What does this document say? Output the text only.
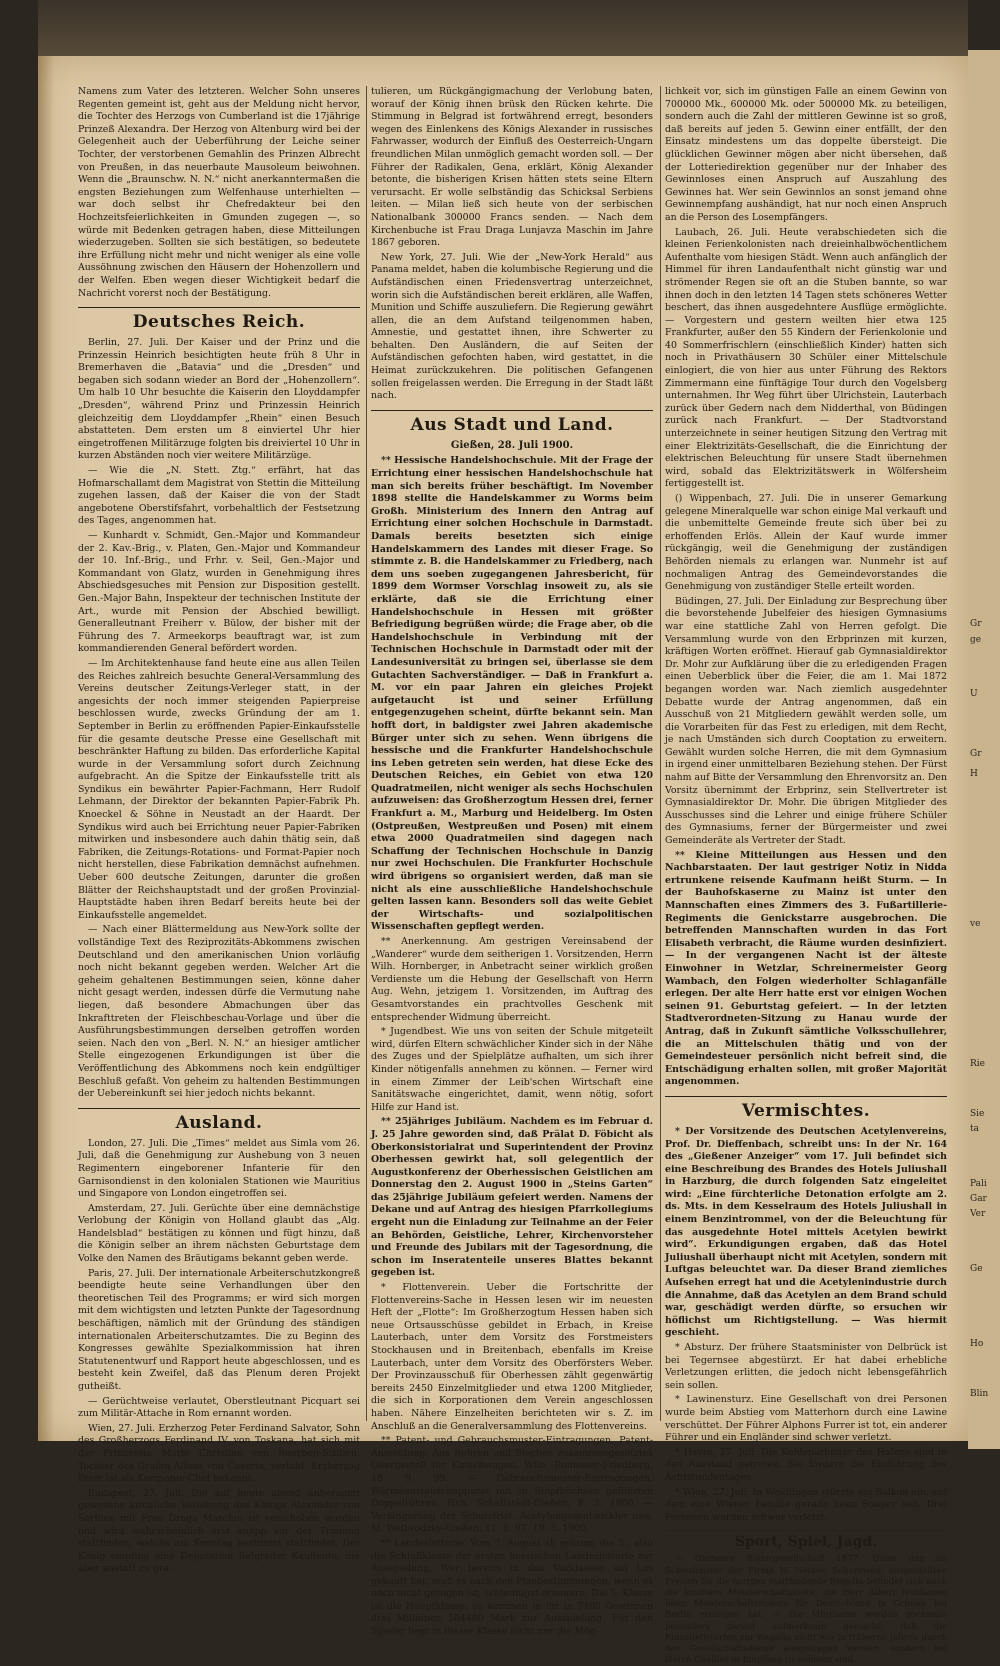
Namens zum Vater des letzteren. Welcher Sohn unseres Regenten gemeint ist, geht aus der Meldung nicht hervor, die Tochter des Herzogs von Cumberland ist die 17jährige Prinzeß Alexandra. Der Herzog von Altenburg wird bei der Gelegenheit auch der Ueberführung der Leiche seiner Tochter, der verstorbenen Gemahlin des Prinzen Albrecht von Preußen, in das neuerbaute Mausoleum beiwohnen. Wenn die „Braunschw. N. N.“ nicht anerkanntermaßen die engsten Beziehungen zum Welfenhause unterhielten — war doch selbst ihr Chefredakteur bei den Hochzeitsfeierlichkeiten in Gmunden zugegen —, so würde mit Bedenken getragen haben, diese Mitteilungen wiederzugeben. Sollten sie sich bestätigen, so bedeutete ihre Erfüllung nicht mehr und nicht weniger als eine volle Aussöhnung zwischen den Häusern der Hohenzollern und der Welfen. Eben wegen dieser Wichtigkeit bedarf die Nachricht vorerst noch der Bestätigung.

Deutsches Reich.

Berlin, 27. Juli. Der Kaiser und der Prinz und die Prinzessin Heinrich besichtigten heute früh 8 Uhr in Bremerhaven die „Batavia“ und die „Dresden“ und begaben sich sodann wieder an Bord der „Hohenzollern“. Um halb 10 Uhr besuchte die Kaiserin den Lloyddampfer „Dresden“, während Prinz und Prinzessin Heinrich gleichzeitig dem Lloyddampfer „Rhein“ einen Besuch abstatteten. Dem ersten um 8 einviertel Uhr hier eingetroffenen Militärzuge folgten bis dreiviertel 10 Uhr in kurzen Abständen noch vier weitere Militärzüge.

— Wie die „N. Stett. Ztg.“ erfährt, hat das Hofmarschallamt dem Magistrat von Stettin die Mitteilung zugehen lassen, daß der Kaiser die von der Stadt angebotene Oberstifsfahrt, vorbehaltlich der Festsetzung des Tages, angenommen hat.

— Kunhardt v. Schmidt, Gen.-Major und Kommandeur der 2. Kav.-Brig., v. Platen, Gen.-Major und Kommandeur der 10. Inf.-Brig., und Frhr. v. Seil, Gen.-Major und Kommandant von Glatz, wurden in Genehmigung ihres Abschiedsgesuches mit Pension zur Disposition gestellt. Gen.-Major Bahn, Inspekteur der technischen Institute der Art., wurde mit Pension der Abschied bewilligt. Generalleutnant Freiherr v. Bülow, der bisher mit der Führung des 7. Armeekorps beauftragt war, ist zum kommandierenden General befördert worden.

— Im Architektenhause fand heute eine aus allen Teilen des Reiches zahlreich besuchte General-Versammlung des Vereins deutscher Zeitungs-Verleger statt, in der angesichts der noch immer steigenden Papierpreise beschlossen wurde, zwecks Gründung der am 1. September in Berlin zu eröffnenden Papier-Einkaufsstelle für die gesamte deutsche Presse eine Gesellschaft mit beschränkter Haftung zu bilden. Das erforderliche Kapital wurde in der Versammlung sofort durch Zeichnung aufgebracht. An die Spitze der Einkaufsstelle tritt als Syndikus ein bewährter Papier-Fachmann, Herr Rudolf Lehmann, der Direktor der bekannten Papier-Fabrik Ph. Knoeckel & Söhne in Neustadt an der Haardt. Der Syndikus wird auch bei Errichtung neuer Papier-Fabriken mitwirken und insbesondere auch dahin thätig sein, daß Fabriken, die Zeitungs-Rotations- und Format-Papier noch nicht herstellen, diese Fabrikation demnächst aufnehmen. Ueber 600 deutsche Zeitungen, darunter die großen Blätter der Reichshauptstadt und der großen Provinzial-Hauptstädte haben ihren Bedarf bereits heute bei der Einkaufsstelle angemeldet.

— Nach einer Blättermeldung aus New-York sollte der vollständige Text des Reziprozitäts-Abkommens zwischen Deutschland und den amerikanischen Union vorläufig noch nicht bekannt gegeben werden. Welcher Art die geheim gehaltenen Bestimmungen seien, könne daher nicht gesagt werden, indessen dürfe die Vermutung nahe liegen, daß besondere Abmachungen über das Inkrafttreten der Fleischbeschau-Vorlage und über die Ausführungsbestimmungen derselben getroffen worden seien. Nach den von „Berl. N. N.“ an hiesiger amtlicher Stelle eingezogenen Erkundigungen ist über die Veröffentlichung des Abkommens noch kein endgültiger Beschluß gefaßt. Von geheim zu haltenden Bestimmungen der Uebereinkunft sei hier jedoch nichts bekannt.

Ausland.

London, 27. Juli. Die „Times“ meldet aus Simla vom 26. Juli, daß die Genehmigung zur Aushebung von 3 neuen Regimentern eingeborener Infanterie für den Garnisondienst in den kolonialen Stationen wie Mauritius und Singapore von London eingetroffen sei.

Amsterdam, 27. Juli. Gerüchte über eine demnächstige Verlobung der Königin von Holland glaubt das „Alg. Handelsblad“ bestätigen zu können und fügt hinzu, daß die Königin selber an ihrem nächsten Geburtstage dem Volke den Namen des Bräutigams bekannt geben werde.

Paris, 27. Juli. Der internationale Arbeiterschutzkongreß beendigte heute seine Verhandlungen über den theoretischen Teil des Programms; er wird sich morgen mit dem wichtigsten und letzten Punkte der Tagesordnung beschäftigen, nämlich mit der Gründung des ständigen internationalen Arbeiterschutzamtes. Die zu Beginn des Kongresses gewählte Spezialkommission hat ihren Statutenentwurf und Rapport heute abgeschlossen, und es besteht kein Zweifel, daß das Plenum deren Projekt gutheißt.

— Gerüchtweise verlautet, Oberstleutnant Picquart sei zum Militär-Attache in Rom ernannt worden.

Wien, 27. Juli. Erzherzog Peter Ferdinand Salvator, Sohn des Großherzogs Ferdinand IV. von Toskana, hat sich mit der Prinzessin Marie Christine von Bourbon-Sizilien, Tochter des Grafen Alfons von Caserta, verlobt. Erzherzog Peter ist als Kompanie-Chef bekannt.

Budapest, 27. Juli. Die auf heute abend anberaumt gewesene kirchliche Verlobung des Königs Alexander von Serbien mit Frau Draga Maschin ist verschoben worden und wird wahrscheinlich erst knapp vor der Trauung stattfinden, welche am Sonntag bestimmt stattfindet. Der König empfing eine Deputation Belgrader Kaufleute, die aber anstatt zu gra-

tulieren, um Rückgängigmachung der Verlobung baten, worauf der König ihnen brüsk den Rücken kehrte. Die Stimmung in Belgrad ist fortwährend erregt, besonders wegen des Einlenkens des Königs Alexander in russisches Fahrwasser, wodurch der Einfluß des Oesterreich-Ungarn freundlichen Milan unmöglich gemacht worden soll. — Der Führer der Radikalen, Gena, erklärt, König Alexander betonte, die bisherigen Krisen hätten stets seine Eltern verursacht. Er wolle selbständig das Schicksal Serbiens leiten. — Milan ließ sich heute von der serbischen Nationalbank 300000 Francs senden. — Nach dem Kirchenbuche ist Frau Draga Lunjavza Maschin im Jahre 1867 geboren.

New York, 27. Juli. Wie der „New-York Herald“ aus Panama meldet, haben die kolumbische Regierung und die Aufständischen einen Friedensvertrag unterzeichnet, worin sich die Aufständischen bereit erklären, alle Waffen, Munition und Schiffe auszuliefern. Die Regierung gewährt allen, die an dem Aufstand teilgenommen haben, Amnestie, und gestattet ihnen, ihre Schwerter zu behalten. Den Ausländern, die auf Seiten der Aufständischen gefochten haben, wird gestattet, in die Heimat zurückzukehren. Die politischen Gefangenen sollen freigelassen werden. Die Erregung in der Stadt läßt nach.

Aus Stadt und Land.

Gießen, 28. Juli 1900.

** Hessische Handelshochschule. Mit der Frage der Errichtung einer hessischen Handelshochschule hat man sich bereits früher beschäftigt. Im November 1898 stellte die Handelskammer zu Worms beim Großh. Ministerium des Innern den Antrag auf Errichtung einer solchen Hochschule in Darmstadt. Damals bereits besetzten sich einige Handelskammern des Landes mit dieser Frage. So stimmte z. B. die Handelskammer zu Friedberg, nach dem uns soeben zugegangenen Jahresbericht, für 1899 dem Wormser Vorschlag insoweit zu, als sie erklärte, daß sie die Errichtung einer Handelshochschule in Hessen mit größter Befriedigung begrüßen würde; die Frage aber, ob die Handelshochschule in Verbindung mit der Technischen Hochschule in Darmstadt oder mit der Landesuniversität zu bringen sei, überlasse sie dem Gutachten Sachverständiger. — Daß in Frankfurt a. M. vor ein paar Jahren ein gleiches Projekt aufgetaucht ist und seiner Erfüllung entgegenzugehen scheint, dürfte bekannt sein. Man hofft dort, in baldigster zwei Jahren akademische Bürger unter sich zu sehen. Wenn übrigens die hessische und die Frankfurter Handelshochschule ins Leben getreten sein werden, hat diese Ecke des Deutschen Reiches, ein Gebiet von etwa 120 Quadratmeilen, nicht weniger als sechs Hochschulen aufzuweisen: das Großherzogtum Hessen drei, ferner Frankfurt a. M., Marburg und Heidelberg. Im Osten (Ostpreußen, Westpreußen und Posen) mit einem etwa 2000 Quadratmeilen sind dagegen nach Schaffung der Technischen Hochschule in Danzig nur zwei Hochschulen. Die Frankfurter Hochschule wird übrigens so organisiert werden, daß man sie nicht als eine ausschließliche Handelshochschule gelten lassen kann. Besonders soll das weite Gebiet der Wirtschafts- und sozialpolitischen Wissenschaften gepflegt werden.

** Anerkennung. Am gestrigen Vereinsabend der „Wanderer“ wurde dem seitherigen 1. Vorsitzenden, Herrn Wilh. Hornberger, in Anbetracht seiner wirklich großen Verdienste um die Hebung der Gesellschaft von Herrn Aug. Wehn, jetzigem 1. Vorsitzenden, im Auftrag des Gesamtvorstandes ein prachtvolles Geschenk mit entsprechender Widmung überreicht.

* Jugendbest. Wie uns von seiten der Schule mitgeteilt wird, dürfen Eltern schwächlicher Kinder sich in der Nähe des Zuges und der Spielplätze aufhalten, um sich ihrer Kinder nötigenfalls annehmen zu können. — Ferner wird in einem Zimmer der Leib'schen Wirtschaft eine Sanitätswache eingerichtet, damit, wenn nötig, sofort Hilfe zur Hand ist.

** 25jähriges Jubiläum. Nachdem es im Februar d. J. 25 Jahre geworden sind, daß Prälat D. Föbicht als Oberkonsistorialrat und Superintendent der Provinz Oberhessen gewirkt hat, soll gelegentlich der Augustkonferenz der Oberhessischen Geistlichen am Donnerstag den 2. August 1900 in „Steins Garten“ das 25jährige Jubiläum gefeiert werden. Namens der Dekane und auf Antrag des hiesigen Pfarrkollegiums ergeht nun die Einladung zur Teilnahme an der Feier an Behörden, Geistliche, Lehrer, Kirchenvorsteher und Freunde des Jubilars mit der Tagesordnung, die schon im Inseratenteile unseres Blattes bekannt gegeben ist.

* Flottenverein. Ueber die Fortschritte der Flottenvereins-Sache in Hessen lesen wir im neuesten Heft der „Flotte“: Im Großherzogtum Hessen haben sich neue Ortsausschüsse gebildet in Erbach, in Kreise Lauterbach, unter dem Vorsitz des Forstmeisters Stockhausen und in Breitenbach, ebenfalls im Kreise Lauterbach, unter dem Vorsitz des Oberförsters Weber. Der Provinzausschuß für Oberhessen zählt gegenwärtig bereits 2450 Einzelmitglieder und etwa 1200 Mitglieder, die sich in Korporationen dem Verein angeschlossen haben. Nähere Einzelheiten berichteten wir s. Z. im Anschluß an die Generalversammlung des Flottenvereins.

** Patent- und Gebrauchsmuster-Eintragungen. Patent-Anmeldung. Aus Rohren und Blechen zusammengesetztes Obergestell für Kutschwagen. Wilh. Romeiser-Friedberg, 18. 9. 99. — Gebrauchsmuster-Eintragungen. Wärmeaustauschapparat mit in Stopfbüchsen geführten Doppelröhren, Hch. Schaffstädt-Gießen, 8. 3. 1900. — Verlängerung der Schutzfrist. Acetylengasentwickler usw. M. Welbrodzky-Gießen, 11. 6. 97, 19. 5. 1900.

** Landeslotterie. Vom 7. August ab gelangt die 5., also die Schlußklasse der ersten hessischen Landeslotterie zur Ausspielung. Wer bereits in den Vorklassen ein Los gekauft hat, muß es nach den Planbestimmungen, wenn es noch nicht gezogen ist, schleunigst erneuern. Die 5. Klasse ist die Hauptklasse; es kommen in ihr in 7400 Gewinnen drei Millionen 584400 Mark zur Ausspielung. Für den Spieler liegt in dieser Klasse nicht nur die Mög-

lichkeit vor, sich im günstigen Falle an einem Gewinn von 700000 Mk., 600000 Mk. oder 500000 Mk. zu beteiligen, sondern auch die Zahl der mittleren Gewinne ist so groß, daß bereits auf jeden 5. Gewinn einer entfällt, der den Einsatz mindestens um das doppelte übersteigt. Die glücklichen Gewinner mögen aber nicht übersehen, daß der Lotteriedirektion gegenüber nur der Inhaber des Gewinnloses einen Anspruch auf Auszahlung des Gewinnes hat. Wer sein Gewinnlos an sonst jemand ohne Gewinnempfang aushändigt, hat nur noch einen Anspruch an die Person des Losempfängers.

Laubach, 26. Juli. Heute verabschiedeten sich die kleinen Ferienkolonisten nach dreieinhalbwöchentlichem Aufenthalte vom hiesigen Städt. Wenn auch anfänglich der Himmel für ihren Landaufenthalt nicht günstig war und strömender Regen sie oft an die Stuben bannte, so war ihnen doch in den letzten 14 Tagen stets schöneres Wetter beschert, das ihnen ausgedehntere Ausflüge ermöglichte. — Vorgestern und gestern weilten hier etwa 125 Frankfurter, außer den 55 Kindern der Ferienkolonie und 40 Sommerfrischlern (einschließlich Kinder) hatten sich noch in Privathäusern 30 Schüler einer Mittelschule einlogiert, die von hier aus unter Führung des Rektors Zimmermann eine fünftägige Tour durch den Vogelsberg unternahmen. Ihr Weg führt über Ulrichstein, Lauterbach zurück über Gedern nach dem Nidderthal, von Büdingen zurück nach Frankfurt. — Der Stadtvorstand unterzeichnete in seiner heutigen Sitzung den Vertrag mit einer Elektrizitäts-Gesellschaft, die die Einrichtung der elektrischen Beleuchtung für unsere Stadt übernehmen wird, sobald das Elektrizitätswerk in Wölfersheim fertiggestellt ist.

() Wippenbach, 27. Juli. Die in unserer Gemarkung gelegene Mineralquelle war schon einige Mal verkauft und die unbemittelte Gemeinde freute sich über bei zu erhoffenden Erlös. Allein der Kauf wurde immer rückgängig, weil die Genehmigung der zuständigen Behörden niemals zu erlangen war. Nunmehr ist auf nochmaligen Antrag des Gemeindevorstandes die Genehmigung von zuständiger Stelle erteilt worden.

Büdingen, 27. Juli. Der Einladung zur Besprechung über die bevorstehende Jubelfeier des hiesigen Gymnasiums war eine stattliche Zahl von Herren gefolgt. Die Versammlung wurde von den Erbprinzen mit kurzen, kräftigen Worten eröffnet. Hierauf gab Gymnasialdirektor Dr. Mohr zur Aufklärung über die zu erledigenden Fragen einen Ueberblick über die Feier, die am 1. Mai 1872 begangen worden war. Nach ziemlich ausgedehnter Debatte wurde der Antrag angenommen, daß ein Ausschuß von 21 Mitgliedern gewählt werden solle, um die Vorarbeiten für das Fest zu erledigen, mit dem Recht, je nach Umständen sich durch Cooptation zu erweitern. Gewählt wurden solche Herren, die mit dem Gymnasium in irgend einer unmittelbaren Beziehung stehen. Der Fürst nahm auf Bitte der Versammlung den Ehrenvorsitz an. Den Vorsitz übernimmt der Erbprinz, sein Stellvertreter ist Gymnasialdirektor Dr. Mohr. Die übrigen Mitglieder des Ausschusses sind die Lehrer und einige frühere Schüler des Gymnasiums, ferner der Bürgermeister und zwei Gemeinderäte als Vertreter der Stadt.

** Kleine Mitteilungen aus Hessen und den Nachbarstaaten. Der laut gestriger Notiz in Nidda ertrunkene reisende Kaufmann heißt Sturm. — In der Bauhofskaserne zu Mainz ist unter den Mannschaften eines Zimmers des 3. Fußartillerie-Regiments die Genickstarre ausgebrochen. Die betreffenden Mannschaften wurden in das Fort Elisabeth verbracht, die Räume wurden desinfiziert. — In der vergangenen Nacht ist der älteste Einwohner in Wetzlar, Schreinermeister Georg Wambach, den Folgen wiederholter Schlaganfälle erlegen. Der alte Herr hatte erst vor einigen Wochen seinen 91. Geburtstag gefeiert. — In der letzten Stadtverordneten-Sitzung zu Hanau wurde der Antrag, daß in Zukunft sämtliche Volksschullehrer, die an Mittelschulen thätig und von der Gemeindesteuer persönlich nicht befreit sind, die Entschädigung erhalten sollen, mit großer Majorität angenommen.

Vermischtes.

* Der Vorsitzende des Deutschen Acetylenvereins, Prof. Dr. Dieffenbach, schreibt uns: In der Nr. 164 des „Gießener Anzeiger“ vom 17. Juli befindet sich eine Beschreibung des Brandes des Hotels Juliushall in Harzburg, die durch folgenden Satz eingeleitet wird: „Eine fürchterliche Detonation erfolgte am 2. ds. Mts. in dem Kesselraum des Hotels Juliushall in einem Benzintrommel, von der die Beleuchtung für das ausgedehnte Hotel mittels Acetylen bewirkt wird“. Erkundigungen ergaben, daß das Hotel Juliushall überhaupt nicht mit Acetylen, sondern mit Luftgas beleuchtet war. Da dieser Brand ziemliches Aufsehen erregt hat und die Acetylenindustrie durch die Annahme, daß das Acetylen an dem Brand schuld war, geschädigt werden dürfte, so ersuchen wir höflichst um Richtigstellung. — Was hiermit geschieht.

* Absturz. Der frühere Staatsminister von Delbrück ist bei Tegernsee abgestürzt. Er hat dabei erhebliche Verletzungen erlitten, die jedoch nicht lebensgefährlich sein sollen.

* Lawinensturz. Eine Gesellschaft von drei Personen wurde beim Abstieg vom Matterhorn durch eine Lawine verschüttet. Der Führer Alphons Furrer ist tot, ein anderer Führer und ein Engländer sind schwer verletzt.

* Havre, 27. Juli. Die Kohlenarbeiter des Hafens sind in den Ausstand getreten. Sie fordern die Einführung des Achtstundentages.

* Wien, 27. Juli. In Weidlingen stürzte ein Balkon ein, auf dem eine Wiener Familie gerade beim Souper saß. Drei Personen wurden schwer verletzt.

Sport, Spiel, Jagd.

— Gießener Rudergesellschaft 1877. Unter den im Schaufenster der Firma W. Neider, Seltersweg, ausgestellten Preisen für die morgen stattfindende Regatta befindet sich auch die kostbare Meisterschaftskette, die Herr Albert Nöhfamen beim Meisterschaftsrudern für Deutschland in Grünau bei Berlin errungen hat. — Die Mitglieder werden nochmals besonders darauf aufmerksam gemacht, daß die Einzelteilstarten zur Regatta nicht wie in früheren Jahren durch den Gesellschaftsdiener ausgetragen werden, sondern bei Herrn Challier in Empfang zu nehmen sind.

Gr
ge
U
Gr
H
ve
Rie
Sie
ta
Pali
Gar
Ver
Ge
Ho
Blin
